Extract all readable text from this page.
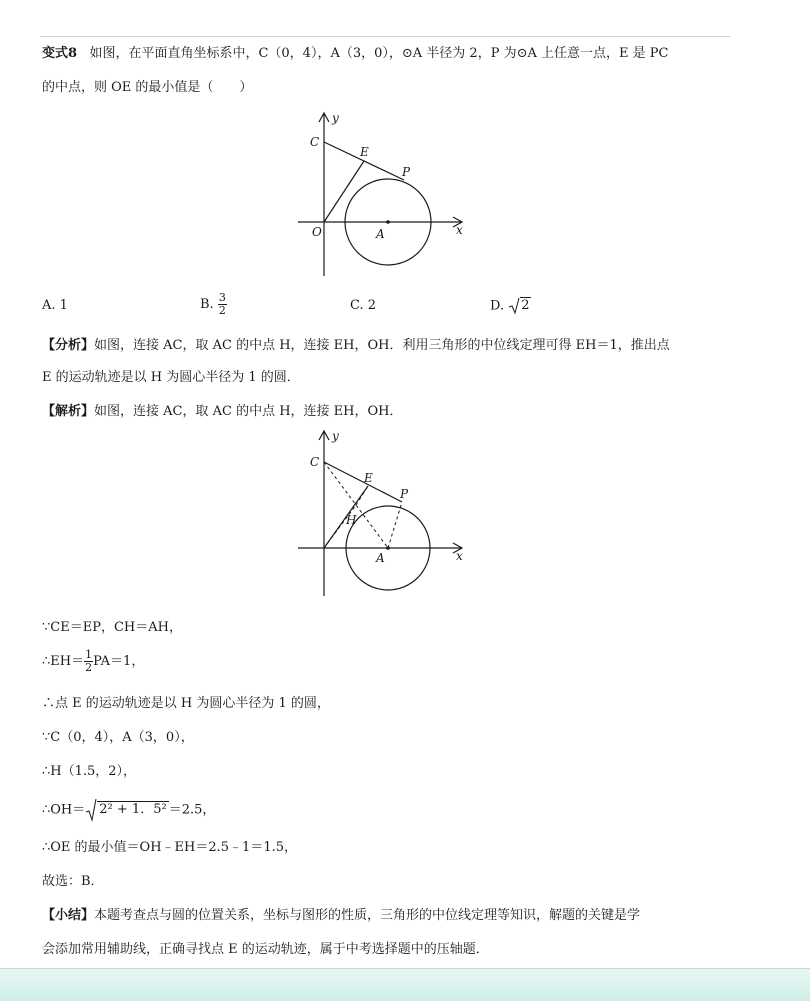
变式8 如图，在平面直角坐标系中，C（0，4），A（3，0），⊙A 半径为 2，P 为⊙A 上任意一点，E 是 PC
的中点，则 OE 的最小值是（　　）
y
C
E
P
O	A	x
A. 1	B. $\frac{3}{2}$	C. 2	D. 2
【分析】如图，连接 AC，取 AC 的中点 H，连接 EH，OH．利用三角形的中位线定理可得 EH＝1，推出点
E 的运动轨迹是以 H 为圆心半径为 1 的圆．
【解析】如图，连接 AC，取 AC 的中点 H，连接 EH，OH．
y
C
E
P
H
A	x
∵CE＝EP，CH＝AH，
∴EH＝ $\frac{1}{2} PA=1$，
∴点 E 的运动轨迹是以 H 为圆心半径为 1 的圆，
∵C（0，4），A（3，0），
∴H（1.5，2），
∴OH＝ 2² + 1．5² ＝2.5，
∴OE 的最小值＝OH﹣EH＝2.5﹣1＝1.5，
故选：B．
【小结】本题考查点与圆的位置关系，坐标与图形的性质，三角形的中位线定理等知识，解题的关键是学
会添加常用辅助线，正确寻找点 E 的运动轨迹，属于中考选择题中的压轴题．
